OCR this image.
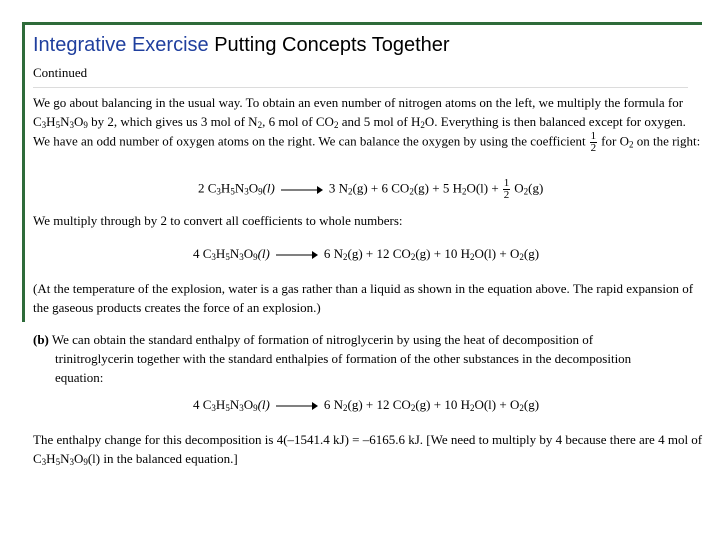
Integrative Exercise Putting Concepts Together
Continued
We go about balancing in the usual way. To obtain an even number of nitrogen atoms on the left, we multiply the formula for $C_3H_5N_3O_9$ by 2, which gives us 3 mol of $N_2$, 6 mol of $CO_2$ and 5 mol of $H_2O$. Everything is then balanced except for oxygen. We have an odd number of oxygen atoms on the right. We can balance the oxygen by using the coefficient $\frac{1}{2}$ for $O_2$ on the right:
2 $C_3H_5N_3O_9(l) \to 3$ $N_2(g) + 6$ $CO_2(g) + 5$ $H_2O(l) + \frac{1}{2} O_2(g)$
We multiply through by 2 to convert all coefficients to whole numbers:
4 $C_3H_5N_3O_9(l) \to 6$ $N_2(g) + 12$ $CO_2(g) + 10$ $H_2O(l) + O_2(g)$
(At the temperature of the explosion, water is a gas rather than a liquid as shown in the equation above. The rapid expansion of the gaseous products creates the force of an explosion.)
(b) We can obtain the standard enthalpy of formation of nitroglycerin by using the heat of decomposition of
trinitroglycerin together with the standard enthalpies of formation of the other substances in the decomposition
equation:
4 $C_3H_5N_3O_9(l) \to 6$ $N_2(g) + 12$ $CO_2(g) + 10$ $H_2O(l) + O_2(g)$
The enthalpy change for this decomposition is 4(–1541.4 kJ) = –6165.6 kJ. [We need to multiply by 4 because there are 4 mol of $C_3H_5N_3O_9(l)$ in the balanced equation.]
